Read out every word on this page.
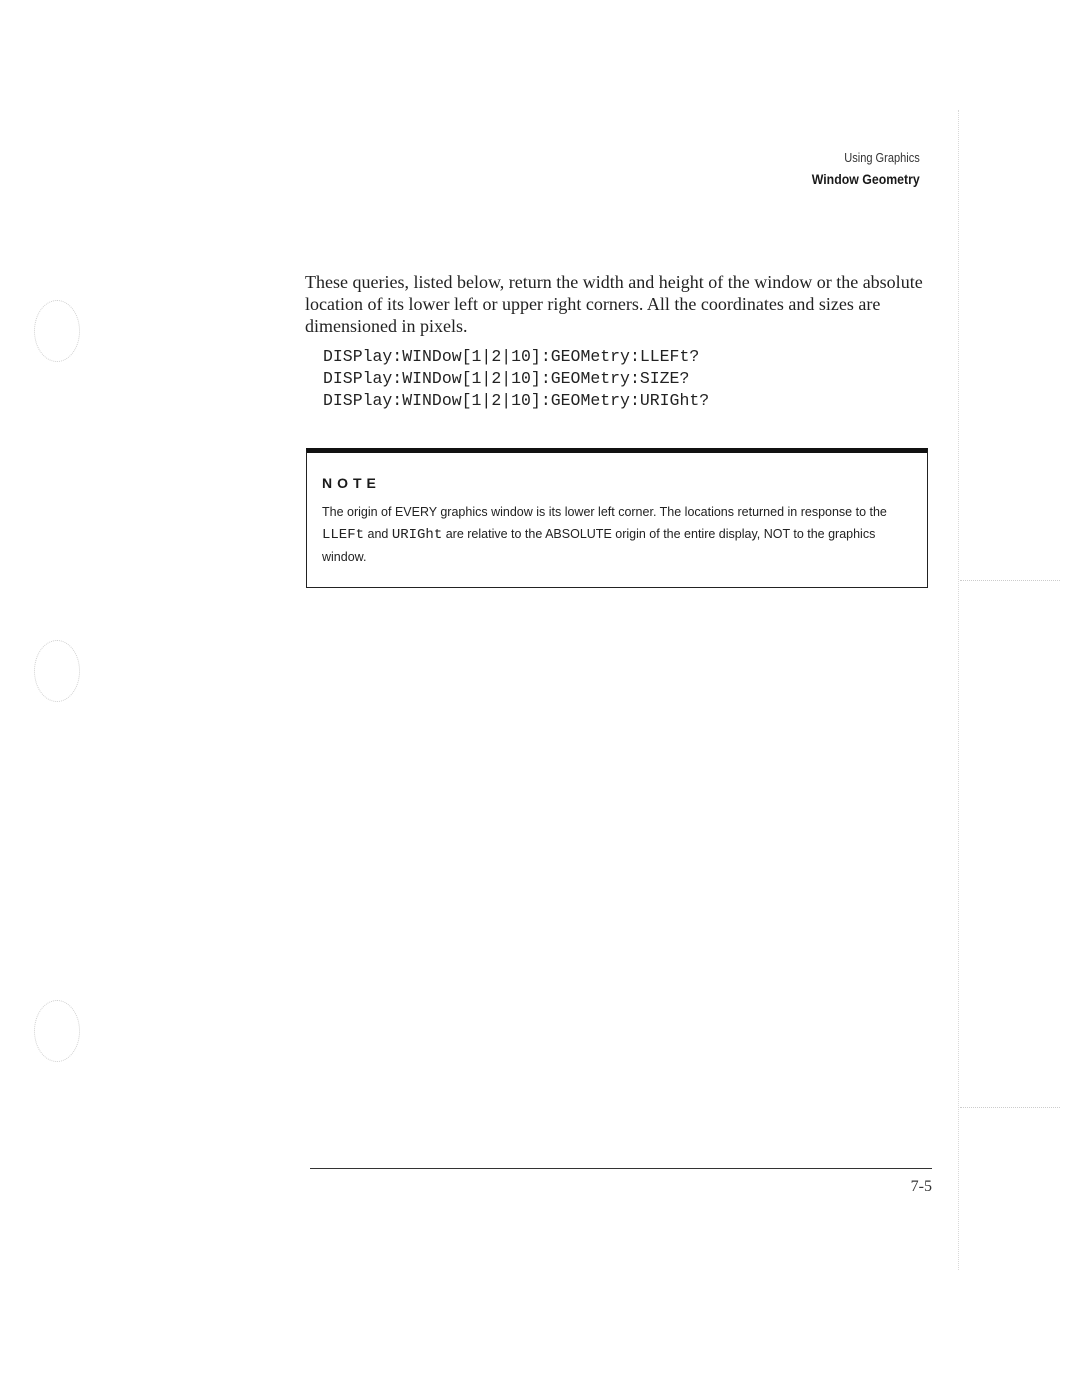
Using Graphics
Window Geometry

These queries, listed below, return the width and height of the window or the absolute location of its lower left or upper right corners. All the coordinates and sizes are dimensioned in pixels.

DISPlay:WINDow[1|2|10]:GEOMetry:LLEFt?
DISPlay:WINDow[1|2|10]:GEOMetry:SIZE?
DISPlay:WINDow[1|2|10]:GEOMetry:URIGht?
NOTE

The origin of EVERY graphics window is its lower left corner. The locations returned in response to the LLEFt and URIGht are relative to the ABSOLUTE origin of the entire display, NOT to the graphics window.

7-5
